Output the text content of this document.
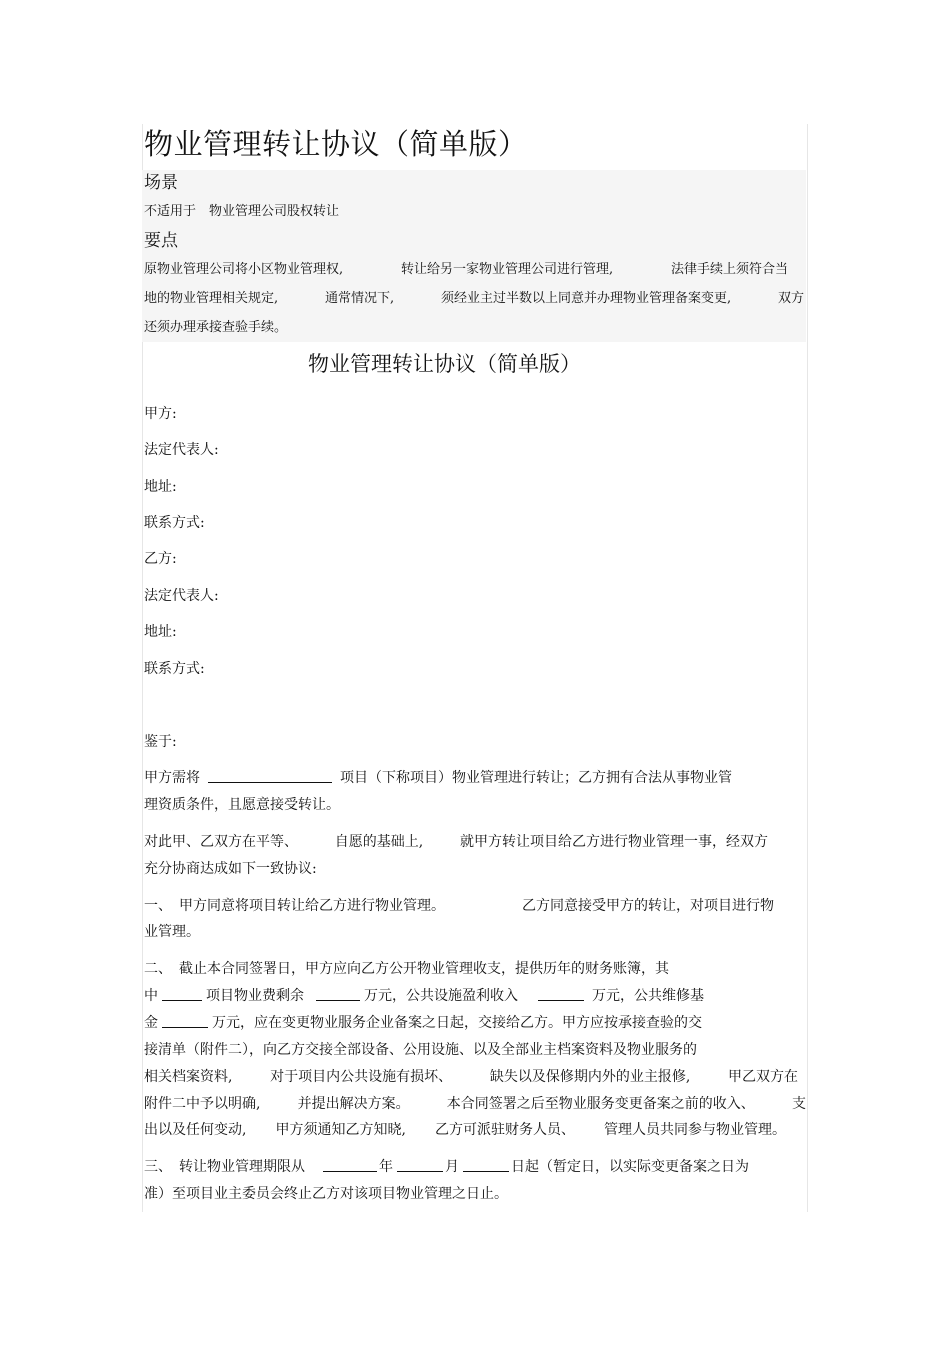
物业管理转让协议（简单版）
场景
不适用于　物业管理公司股权转让
要点
原物业管理公司将小区物业管理权,	转让给另一家物业管理公司进行管理,	法律手续上须符合当
地的物业管理相关规定,	通常情况下,	须经业主过半数以上同意并办理物业管理备案变更,	双方
还须办理承接查验手续。
物业管理转让协议（简单版）
甲方:
法定代表人:
地址:
联系方式:
乙方:
法定代表人:
地址:
联系方式:
鉴于:
甲方需将	项目（下称项目）物业管理进行转让；乙方拥有合法从事物业管
理资质条件，且愿意接受转让。
对此甲、乙双方在平等、	自愿的基础上,	就甲方转让项目给乙方进行物业管理一事，经双方
充分协商达成如下一致协议:
一、　甲方同意将项目转让给乙方进行物业管理。	乙方同意接受甲方的转让，对项目进行物
业管理。
二、　截止本合同签署日，甲方应向乙方公开物业管理收支，提供历年的财务账簿，其
中	项目物业费剩余	万元，公共设施盈利收入	万元，公共维修基
金	万元，应在变更物业服务企业备案之日起，交接给乙方。甲方应按承接查验的交
接清单（附件二），向乙方交接全部设备、公用设施、以及全部业主档案资料及物业服务的
相关档案资料,	对于项目内公共设施有损坏、	缺失以及保修期内外的业主报修,	甲乙双方在
附件二中予以明确,	并提出解决方案。	本合同签署之后至物业服务变更备案之前的收入、	支
出以及任何变动, 甲方须通知乙方知晓, 乙方可派驻财务人员、 管理人员共同参与物业管理。
三、　转让物业管理期限从	年	月	日起（暂定日，以实际变更备案之日为
准）至项目业主委员会终止乙方对该项目物业管理之日止。
